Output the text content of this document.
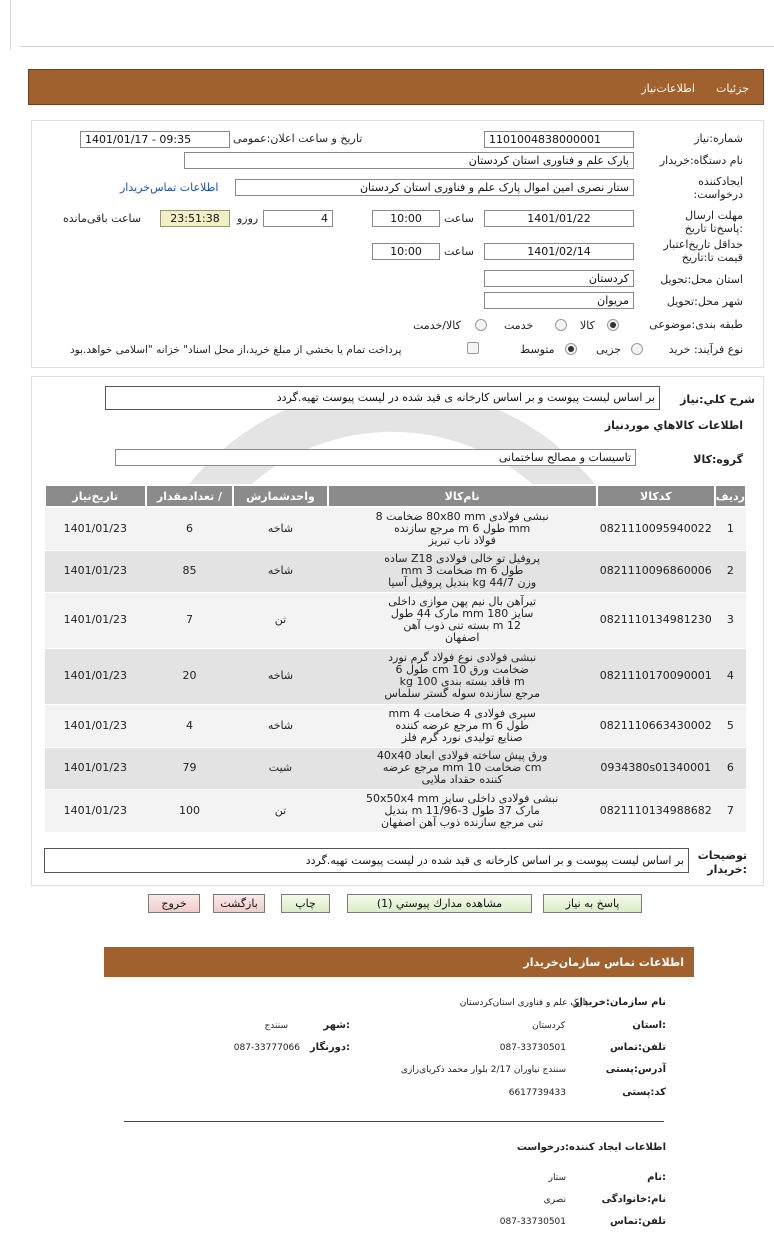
جزئیات
اطلاعات‌نیاز
شماره:نیاز
1101004838000001
تاریخ و ساعت اعلان:عمومی
1401/01/17 - 09:35
نام دستگاه:خریدار
پارک علم و فناوری استان کردستان
ایجادکننده درخواست:
ستار نصری امین اموال پارک علم و فناوری استان کردستان
اطلاعات تماس‌خریدار
مهلت ارسال :پاسخ‌تا تاریخ
1401/01/22
ساعت
10:00
4
روزو
23:51:38
ساعت باقی‌مانده
حداقل تاریخ‌اعتبار قیمت تا:تاریخ
1401/02/14
ساعت
10:00
استان محل:تحویل
کردستان
شهر محل:تحویل
مریوان
طبقه بندی:موضوعی
کالا
خدمت
کالا/خدمت
نوع فرآیند: خرید
جزیی
متوسط
پرداخت تمام یا بخشی از مبلغ خرید،از محل اسناد" خزانه "اسلامی خواهد.بود
شرح کلي:نياز
بر اساس لیست پیوست و بر اساس کارخانه ی قید شده در لیست پیوست تهیه.گردد
اطلاعات کالاهاي موردنياز
گروه:کالا
تاسیسات و مصالح ساختمانی
ردیف	کدکالا	نام‌کالا	واحدشمارش	/ تعدادمقدار	تاریخ‌نیاز
1	0821110095940022	نبشی فولادی 80x80 mm ضخامت 8
mm طول 6 m مرجع سازنده
فولاد ناب تبریز	شاخه	6	1401/01/23
2	0821110096860006	پروفیل تو خالی فولادی Z18 ساده
طول 6 m ضخامت 3 mm
وزن 44/7 kg بندیل پروفیل آسیا	شاخه	85	1401/01/23
3	0821110134981230	تیرآهن بال نیم پهن موازی داخلی
سایز 180 mm مارک 44 طول
12 m بسته تنی ذوب آهن
اصفهان	تن	7	1401/01/23
4	0821110170090001	نبشی فولادی نوع فولاد گرم نورد
ضخامت ورق 10 cm طول 6
m فاقد بسته بندی 100 kg
مرجع سازنده سوله گستر سلماس	شاخه	20	1401/01/23
5	0821110663430002	سپری فولادی 4 ضخامت 4 mm
طول 6 m مرجع عرضه کننده
صنایع تولیدی نورد گرم فلز	شاخه	4	1401/01/23
6	0934380s01340001	ورق پیش ساخته فولادی ابعاد 40x40
cm ضخامت 10 mm مرجع عرضه
کننده حقداد ملایی	شیت	79	1401/01/23
7	0821110134988682	نبشی فولادی داخلی سایز 50x50x4 mm
مارک 37 طول 3-11/96 m بندیل
تنی مرجع سازنده ذوب آهن اصفهان	تن	100	1401/01/23
توضیحات :خریدار
بر اساس لیست پیوست و بر اساس کارخانه ی قید شده در لیست پیوست تهیه.گردد
پاسخ به نیاز
مشاهده مدارك پيوستي (1)
چاپ
بازگشت
خروج
اطلاعات تماس سازمان‌خریدار
نام سازمان:خریدار
پارک علم و فناوری استان‌کردستان
:استان
کردستان
:شهر
سنندج
تلفن:تماس
087-33730501
:دورنگار
087-33777066
آدرس:پستی
سنندج نیاوران 2/17 بلوار محمد ذکریای‌رازی
کد:پستی
6617739433
اطلاعات ایجاد کننده:درخواست
:نام
ستار
نام:خانوادگی
نصری
تلفن:تماس
087-33730501
